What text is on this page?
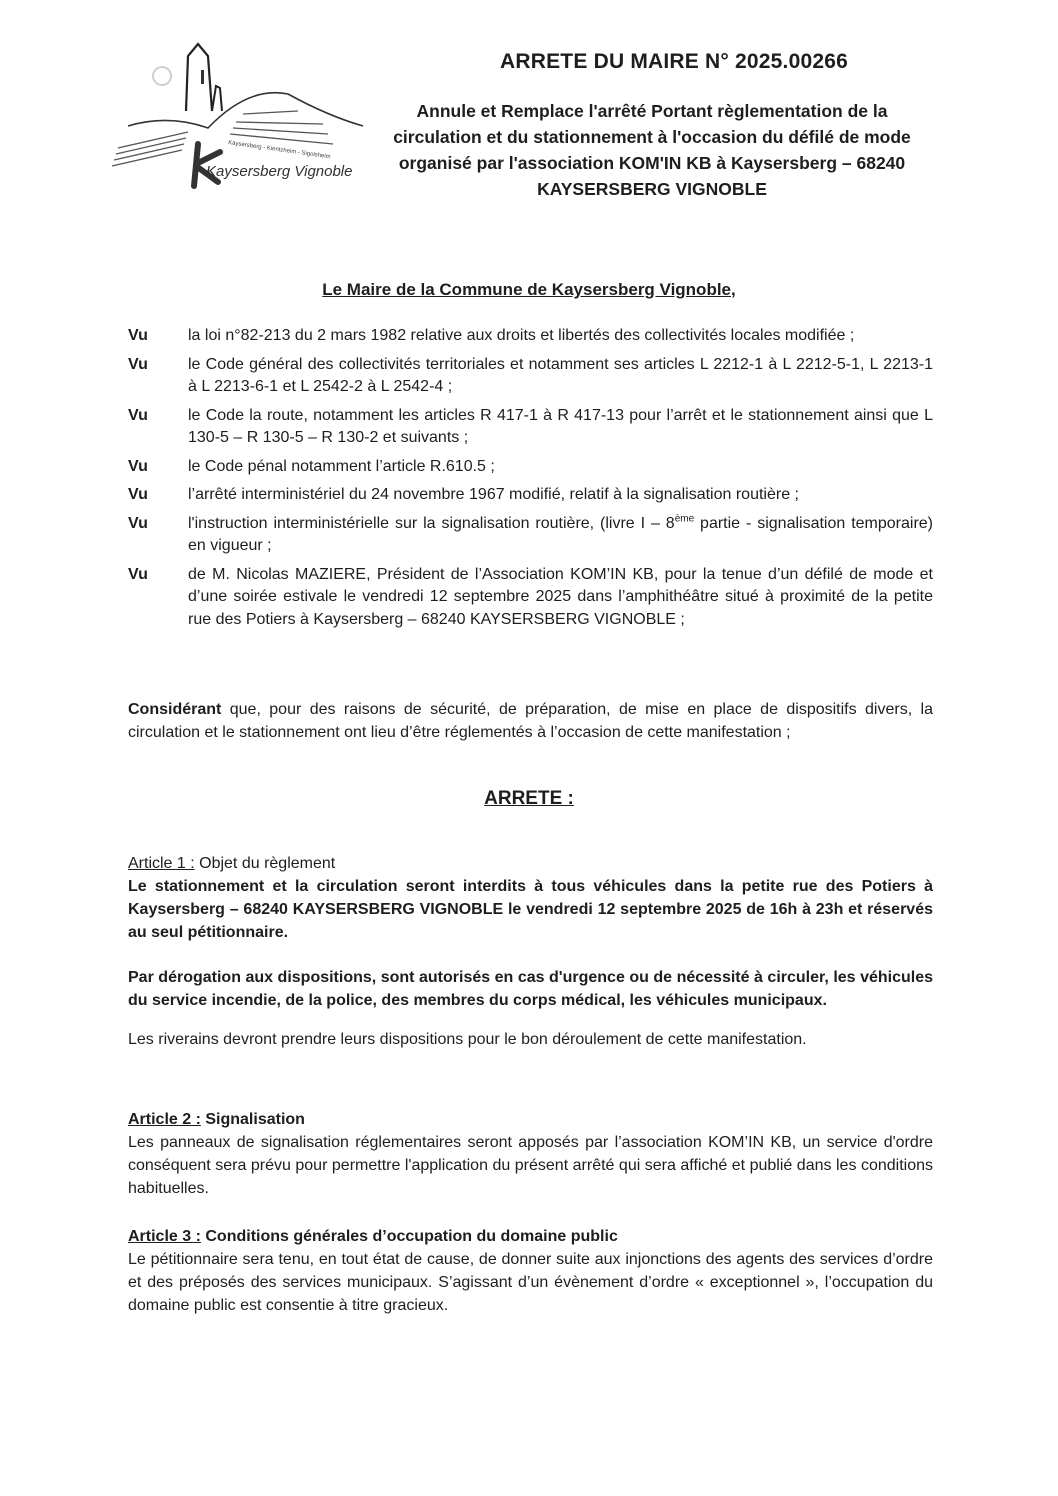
Kaysersberg - Kientzheim - Sigolsheim
Kaysersberg Vignoble
ARRETE DU MAIRE N° 2025.00266
Annule et Remplace l'arrêté Portant règlementation de la circulation et du stationnement à l'occasion du défilé de mode organisé par l'association KOM'IN KB à Kaysersberg – 68240 KAYSERSBERG VIGNOBLE
Le Maire de la Commune de Kaysersberg Vignoble,
Vu	la loi n°82-213 du 2 mars 1982 relative aux droits et libertés des collectivités locales modifiée ;
Vu	le Code général des collectivités territoriales et notamment ses articles L 2212-1 à L 2212-5-1, L 2213-1 à L 2213-6-1 et L 2542-2 à L 2542-4 ;
Vu	le Code la route, notamment les articles R 417-1 à R 417-13 pour l’arrêt et le stationnement ainsi que L 130-5 – R 130-5 – R 130-2 et suivants ;
Vu	le Code pénal notamment l’article R.610.5 ;
Vu	l’arrêté interministériel du 24 novembre 1967 modifié, relatif à la signalisation routière ;
Vu	l'instruction interministérielle sur la signalisation routière, (livre I – 8ème partie - signalisation temporaire) en vigueur ;
Vu	de M. Nicolas MAZIERE, Président de l’Association KOM’IN KB, pour la tenue d’un défilé de mode et d’une soirée estivale le vendredi 12 septembre 2025 dans l’amphithéâtre situé à proximité de la petite rue des Potiers à Kaysersberg – 68240 KAYSERSBERG VIGNOBLE ;
Considérant que, pour des raisons de sécurité, de préparation, de mise en place de dispositifs divers, la circulation et le stationnement ont lieu d’être réglementés à l’occasion de cette manifestation ;
ARRETE :
Article 1 : Objet du règlement
Le stationnement et la circulation seront interdits à tous véhicules dans la petite rue des Potiers à Kaysersberg – 68240 KAYSERSBERG VIGNOBLE le vendredi 12 septembre 2025 de 16h à 23h et réservés au seul pétitionnaire.
Par dérogation aux dispositions, sont autorisés en cas d'urgence ou de nécessité à circuler, les véhicules du service incendie, de la police, des membres du corps médical, les véhicules municipaux.
Les riverains devront prendre leurs dispositions pour le bon déroulement de cette manifestation.
Article 2 : Signalisation
Les panneaux de signalisation réglementaires seront apposés par l’association KOM’IN KB, un service d'ordre conséquent sera prévu pour permettre l'application du présent arrêté qui sera affiché et publié dans les conditions habituelles.
Article 3 : Conditions générales d’occupation du domaine public
Le pétitionnaire sera tenu, en tout état de cause, de donner suite aux injonctions des agents des services d’ordre et des préposés des services municipaux. S’agissant d’un évènement d’ordre « exceptionnel », l’occupation du domaine public est consentie à titre gracieux.
